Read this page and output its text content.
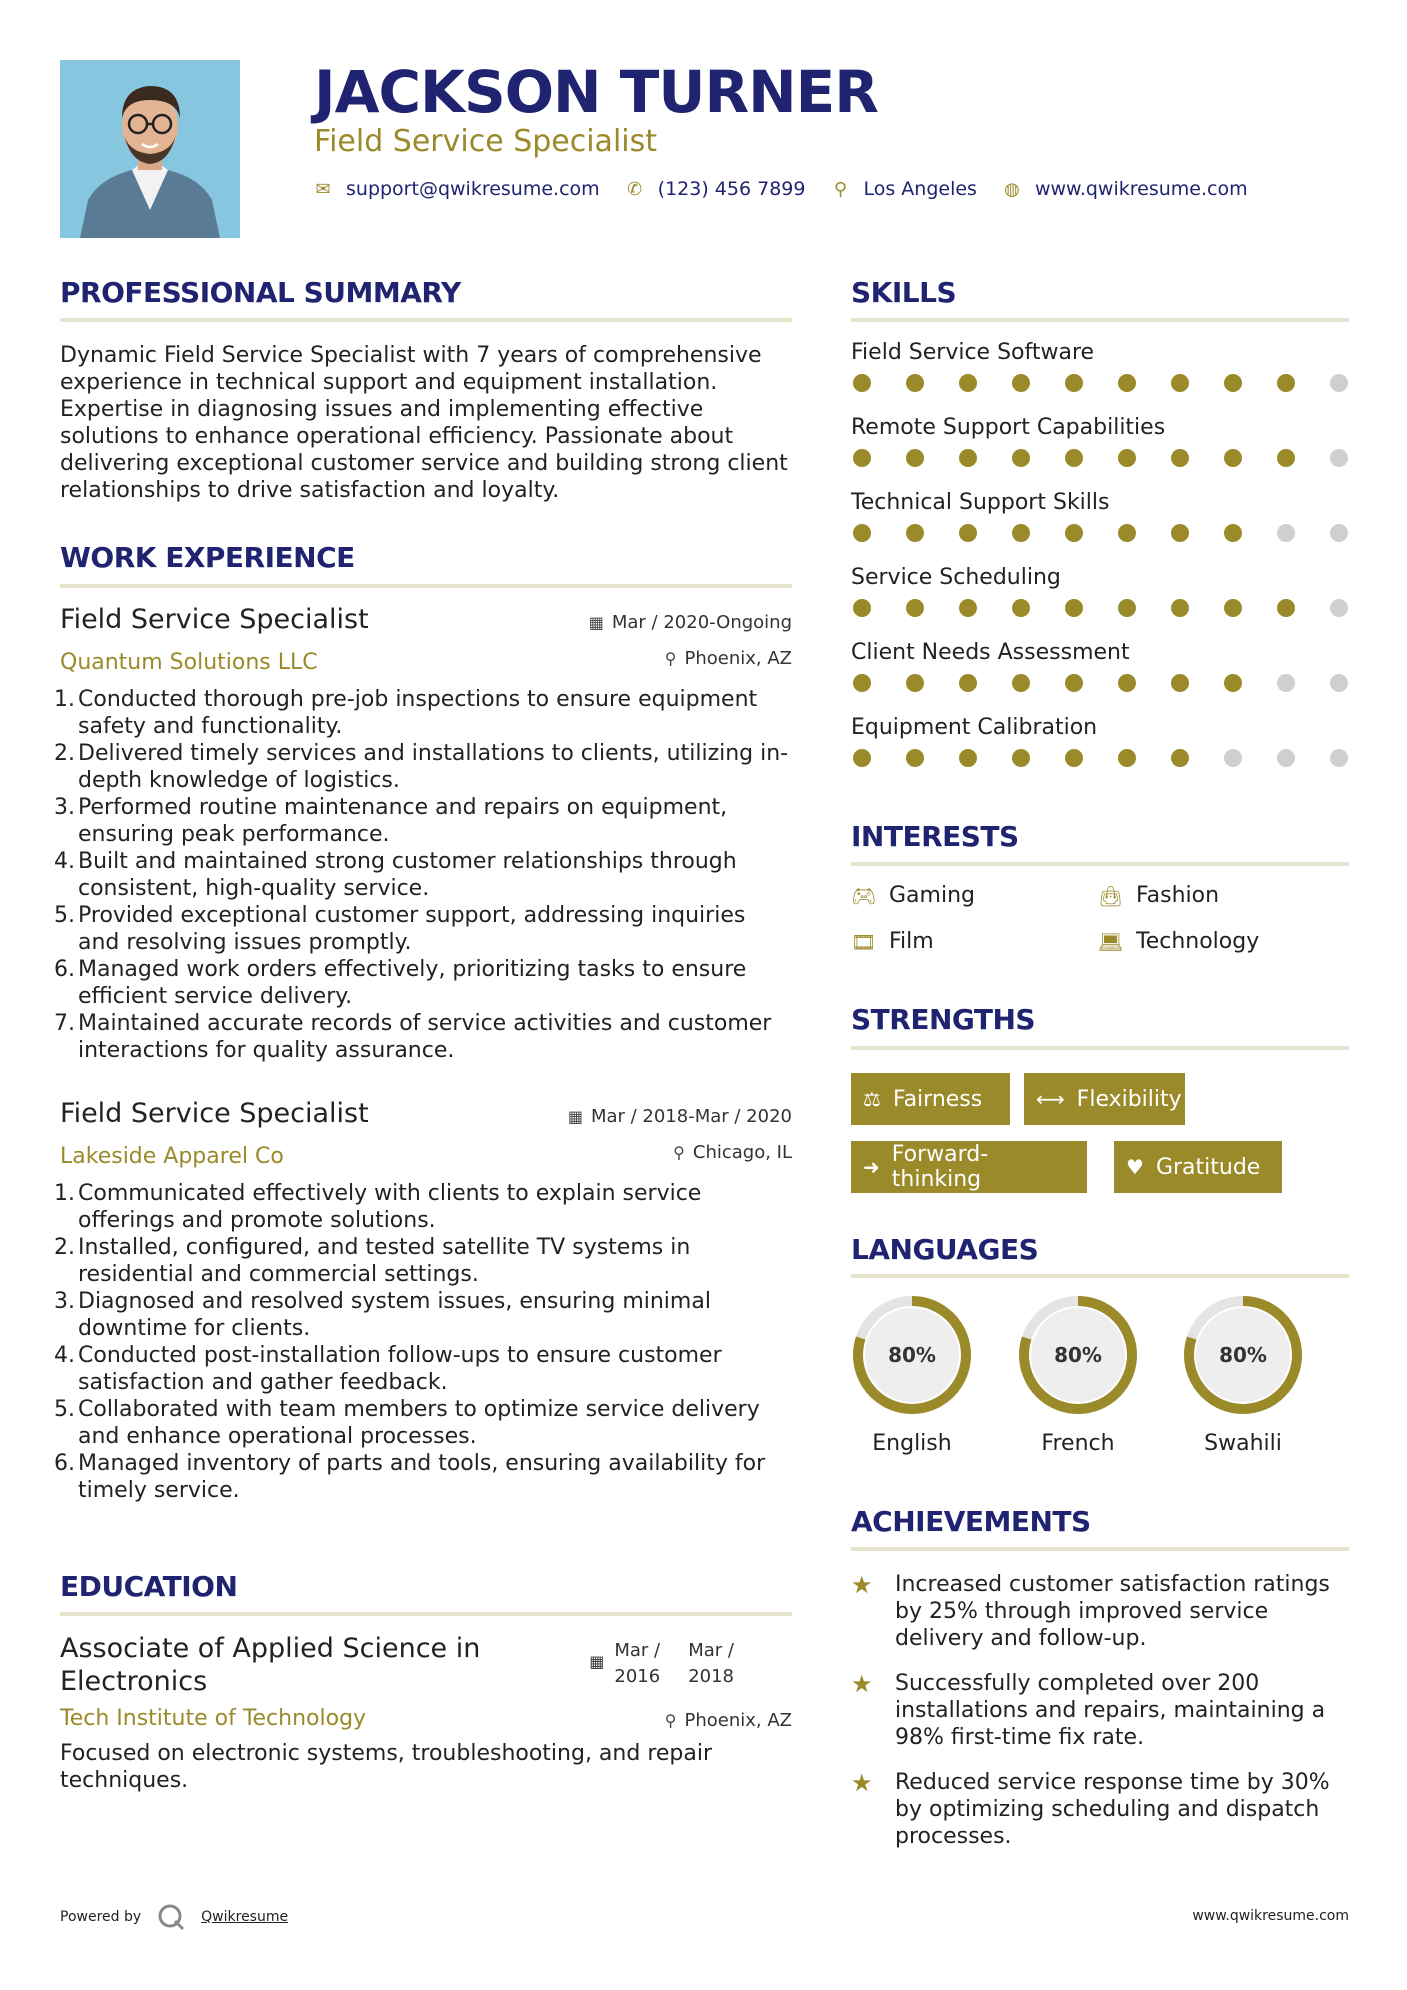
JACKSON TURNER
Field Service Specialist
✉ support@qwikresume.com ✆ (123) 456 7899 ⚲ Los Angeles ◍ www.qwikresume.com
PROFESSIONAL SUMMARY
Dynamic Field Service Specialist with 7 years of comprehensive experience in technical support and equipment installation. Expertise in diagnosing issues and implementing effective solutions to enhance operational efficiency. Passionate about delivering exceptional customer service and building strong client relationships to drive satisfaction and loyalty.
WORK EXPERIENCE
Field Service Specialist	▦ Mar / 2020-Ongoing
Quantum Solutions LLC	⚲ Phoenix, AZ
1. Conducted thorough pre-job inspections to ensure equipment safety and functionality.
2. Delivered timely services and installations to clients, utilizing in-depth knowledge of logistics.
3. Performed routine maintenance and repairs on equipment, ensuring peak performance.
4. Built and maintained strong customer relationships through consistent, high-quality service.
5. Provided exceptional customer support, addressing inquiries and resolving issues promptly.
6. Managed work orders effectively, prioritizing tasks to ensure efficient service delivery.
7. Maintained accurate records of service activities and customer interactions for quality assurance.
Field Service Specialist	▦ Mar / 2018-Mar / 2020
Lakeside Apparel Co	⚲ Chicago, IL
1. Communicated effectively with clients to explain service offerings and promote solutions.
2. Installed, configured, and tested satellite TV systems in residential and commercial settings.
3. Diagnosed and resolved system issues, ensuring minimal downtime for clients.
4. Conducted post-installation follow-ups to ensure customer satisfaction and gather feedback.
5. Collaborated with team members to optimize service delivery and enhance operational processes.
6. Managed inventory of parts and tools, ensuring availability for timely service.
EDUCATION
Associate of Applied Science in Electronics
▦
Mar /
2016
Mar /
2018
Tech Institute of Technology	⚲ Phoenix, AZ
Focused on electronic systems, troubleshooting, and repair techniques.
SKILLS
Field Service Software
Remote Support Capabilities
Technical Support Skills
Service Scheduling
Client Needs Assessment
Equipment Calibration
INTERESTS
🎮︎ Gaming	👜︎ Fashion
🎞︎ Film	💻︎ Technology
STRENGTHS
⚖ Fairness	⟷ Flexibility
➜ Forward-thinking	♥ Gratitude
LANGUAGES
80%
English
80%
French
80%
Swahili
ACHIEVEMENTS
★	Increased customer satisfaction ratings by 25% through improved service delivery and follow-up.
★	Successfully completed over 200 installations and repairs, maintaining a 98% first-time fix rate.
★	Reduced service response time by 30% by optimizing scheduling and dispatch processes.
Powered by	Qwikresume	www.qwikresume.com
